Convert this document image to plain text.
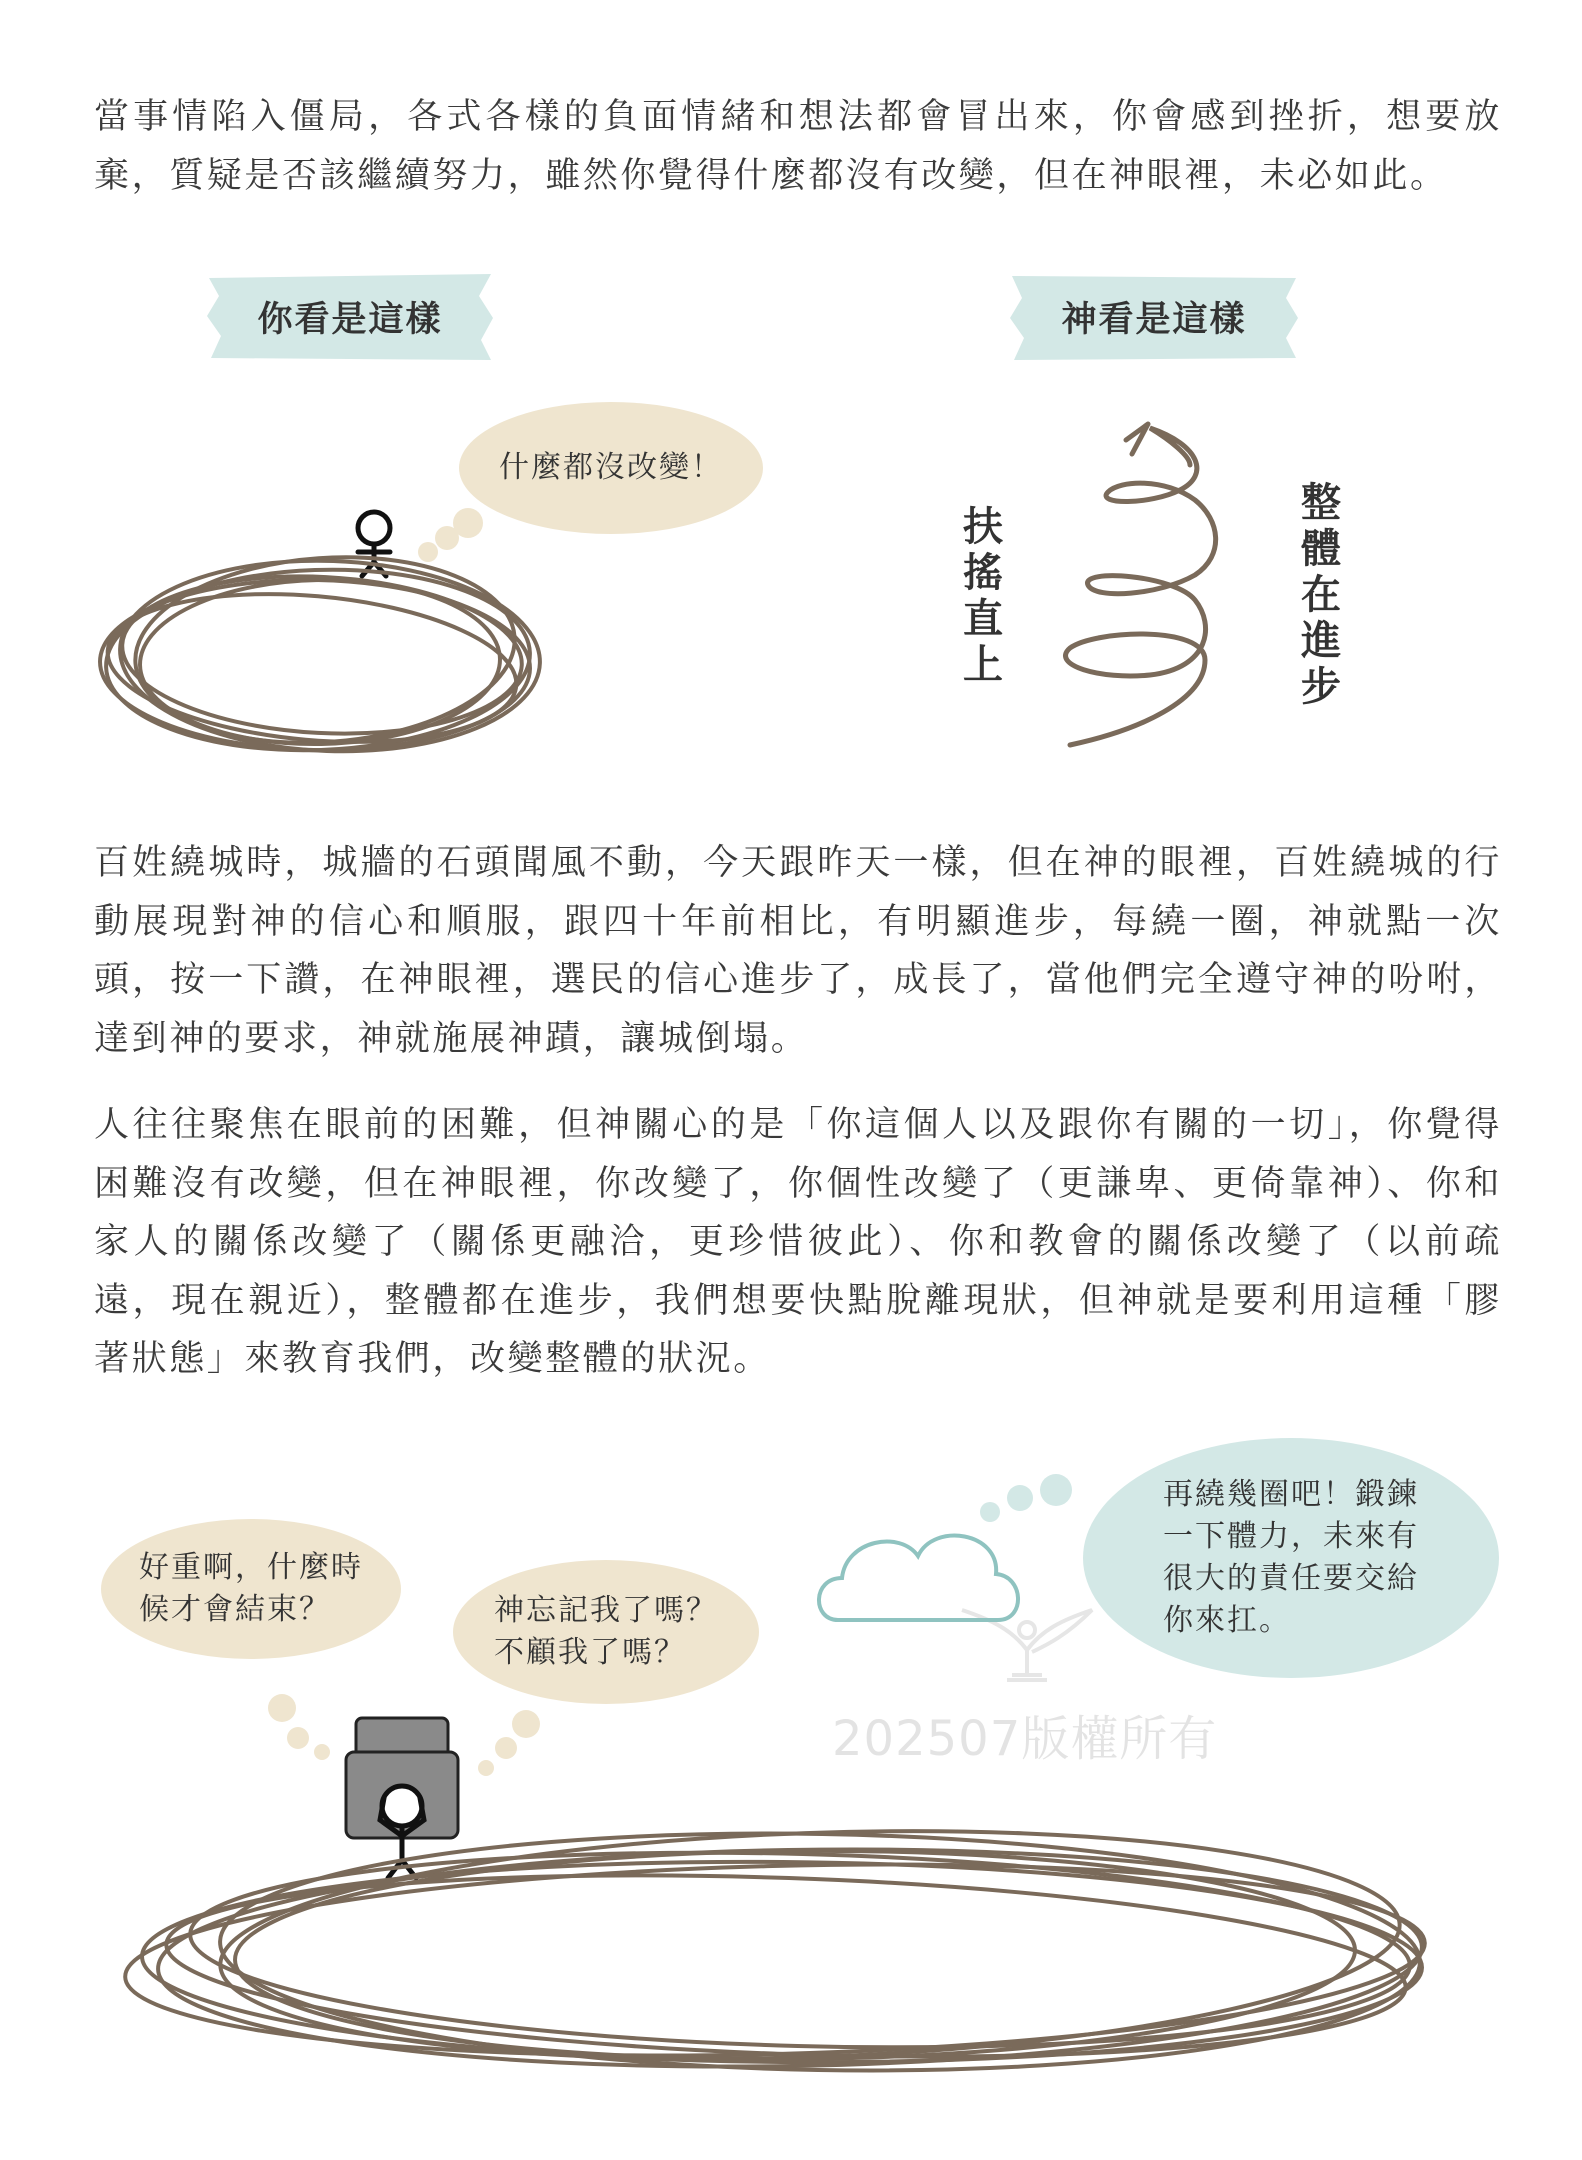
當事情陷入僵局，各式各樣的負面情緒和想法都會冒出來，你會感到挫折，想要放棄，質疑是否該繼續努力，雖然你覺得什麼都沒有改變，但在神眼裡，未必如此。

你看是這樣	神看是這樣
什麼都沒改變！
扶
搖
直
上
整
體
在
進
步

百姓繞城時，城牆的石頭聞風不動，今天跟昨天一樣，但在神的眼裡，百姓繞城的行動展現對神的信心和順服，跟四十年前相比，有明顯進步，每繞一圈，神就點一次頭，按一下讚，在神眼裡，選民的信心進步了，成長了，當他們完全遵守神的吩咐，達到神的要求，神就施展神蹟，讓城倒塌。

人往往聚焦在眼前的困難，但神關心的是「你這個人以及跟你有關的一切」，你覺得困難沒有改變，但在神眼裡，你改變了，你個性改變了（更謙卑、更倚靠神）、你和家人的關係改變了（關係更融洽，更珍惜彼此）、你和教會的關係改變了（以前疏遠，現在親近），整體都在進步，我們想要快點脫離現狀，但神就是要利用這種「膠著狀態」來教育我們，改變整體的狀況。

好重啊，什麼時
候才會結束？	神忘記我了嗎？
不顧我了嗎？
再繞幾圈吧！鍛鍊
一下體力，未來有
很大的責任要交給
你來扛。
202507版權所有
